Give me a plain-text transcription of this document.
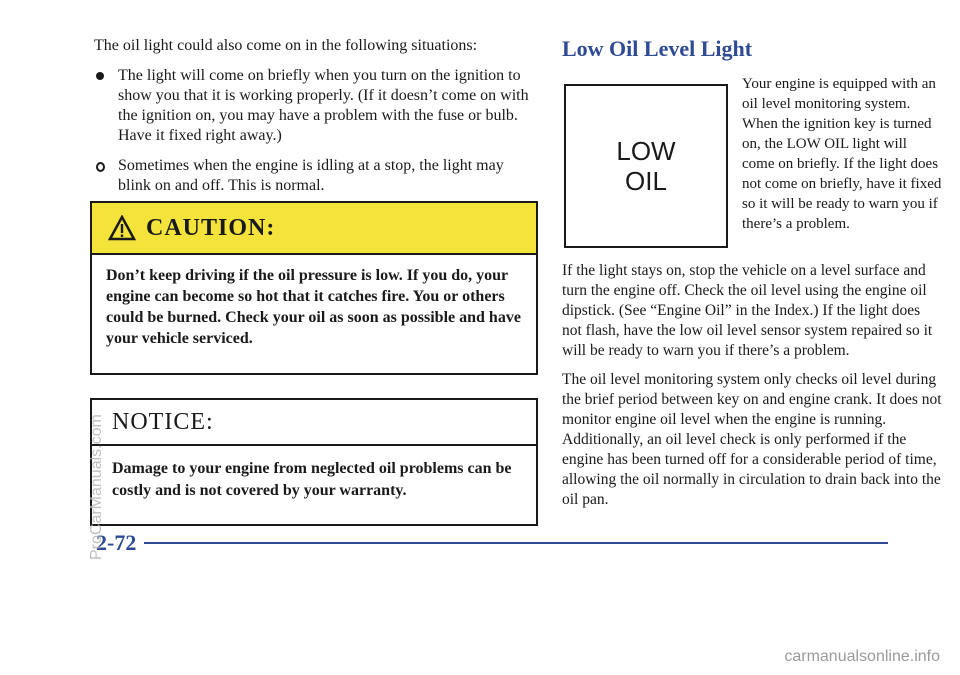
The oil light could also come on in the following situations:

The light will come on briefly when you turn on the ignition to show you that it is working properly. (If it doesn’t come on with the ignition on, you may have a problem with the fuse or bulb. Have it fixed right away.)
Sometimes when the engine is idling at a stop, the light may blink on and off. This is normal.
CAUTION:
Don’t keep driving if the oil pressure is low. If you do, your engine can become so hot that it catches fire. You or others could be burned. Check your oil as soon as possible and have your vehicle serviced.
NOTICE:
Damage to your engine from neglected oil problems can be costly and is not covered by your warranty.
Low Oil Level Light
LOW
OIL
Your engine is equipped with an oil level monitoring system. When the ignition key is turned on, the LOW OIL light will come on briefly. If the light does not come on briefly, have it fixed so it will be ready to warn you if there’s a problem.

If the light stays on, stop the vehicle on a level surface and turn the engine off. Check the oil level using the engine oil dipstick. (See “Engine Oil” in the Index.) If the light does not flash, have the low oil level sensor system repaired so it will be ready to warn you if there’s a problem.

The oil level monitoring system only checks oil level during the brief period between key on and engine crank. It does not monitor engine oil level when the engine is running. Additionally, an oil level check is only performed if the engine has been turned off for a considerable period of time, allowing the oil normally in circulation to drain back into the oil pan.

2-72
ProCarManuals.com
carmanualsonline.info
